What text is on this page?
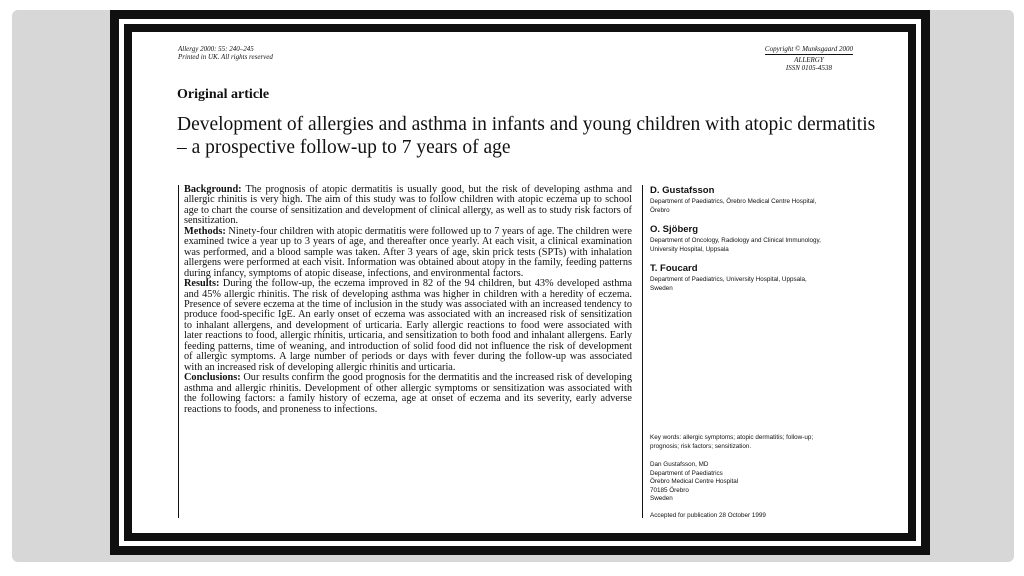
Allergy 2000: 55: 240–245
Printed in UK. All rights reserved
Copyright © Munksgaard 2000
ALLERGY
ISSN 0105-4538
Original article
Development of allergies and asthma in infants and young children with atopic dermatitis – a prospective follow-up to 7 years of age

Background: The prognosis of atopic dermatitis is usually good, but the risk of developing asthma and allergic rhinitis is very high. The aim of this study was to follow children with atopic eczema up to school age to chart the course of sensitization and development of clinical allergy, as well as to study risk factors of sensitization.

Methods: Ninety-four children with atopic dermatitis were followed up to 7 years of age. The children were examined twice a year up to 3 years of age, and thereafter once yearly. At each visit, a clinical examination was performed, and a blood sample was taken. After 3 years of age, skin prick tests (SPTs) with inhalation allergens were performed at each visit. Information was obtained about atopy in the family, feeding patterns during infancy, symptoms of atopic disease, infections, and environmental factors.

Results: During the follow-up, the eczema improved in 82 of the 94 children, but 43% developed asthma and 45% allergic rhinitis. The risk of developing asthma was higher in children with a heredity of eczema. Presence of severe eczema at the time of inclusion in the study was associated with an increased tendency to produce food-specific IgE. An early onset of eczema was associated with an increased risk of sensitization to inhalant allergens, and development of urticaria. Early allergic reactions to food were associated with later reactions to food, allergic rhinitis, urticaria, and sensitization to both food and inhalant allergens. Early feeding patterns, time of weaning, and introduction of solid food did not influence the risk of development of allergic symptoms. A large number of periods or days with fever during the follow-up was associated with an increased risk of developing allergic rhinitis and urticaria.

Conclusions: Our results confirm the good prognosis for the dermatitis and the increased risk of developing asthma and allergic rhinitis. Development of other allergic symptoms or sensitization was associated with the following factors: a family history of eczema, age at onset of eczema and its severity, early adverse reactions to foods, and proneness to infections.

D. Gustafsson
Department of Paediatrics, Örebro Medical Centre Hospital, Örebro
O. Sjöberg
Department of Oncology, Radiology and Clinical Immunology, University Hospital, Uppsala
T. Foucard
Department of Paediatrics, University Hospital, Uppsala, Sweden
Key words: allergic symptoms; atopic dermatitis; follow-up; prognosis; risk factors; sensitization.
Dan Gustafsson, MD
Department of Paediatrics
Örebro Medical Centre Hospital
70185 Örebro
Sweden
Accepted for publication 28 October 1999
